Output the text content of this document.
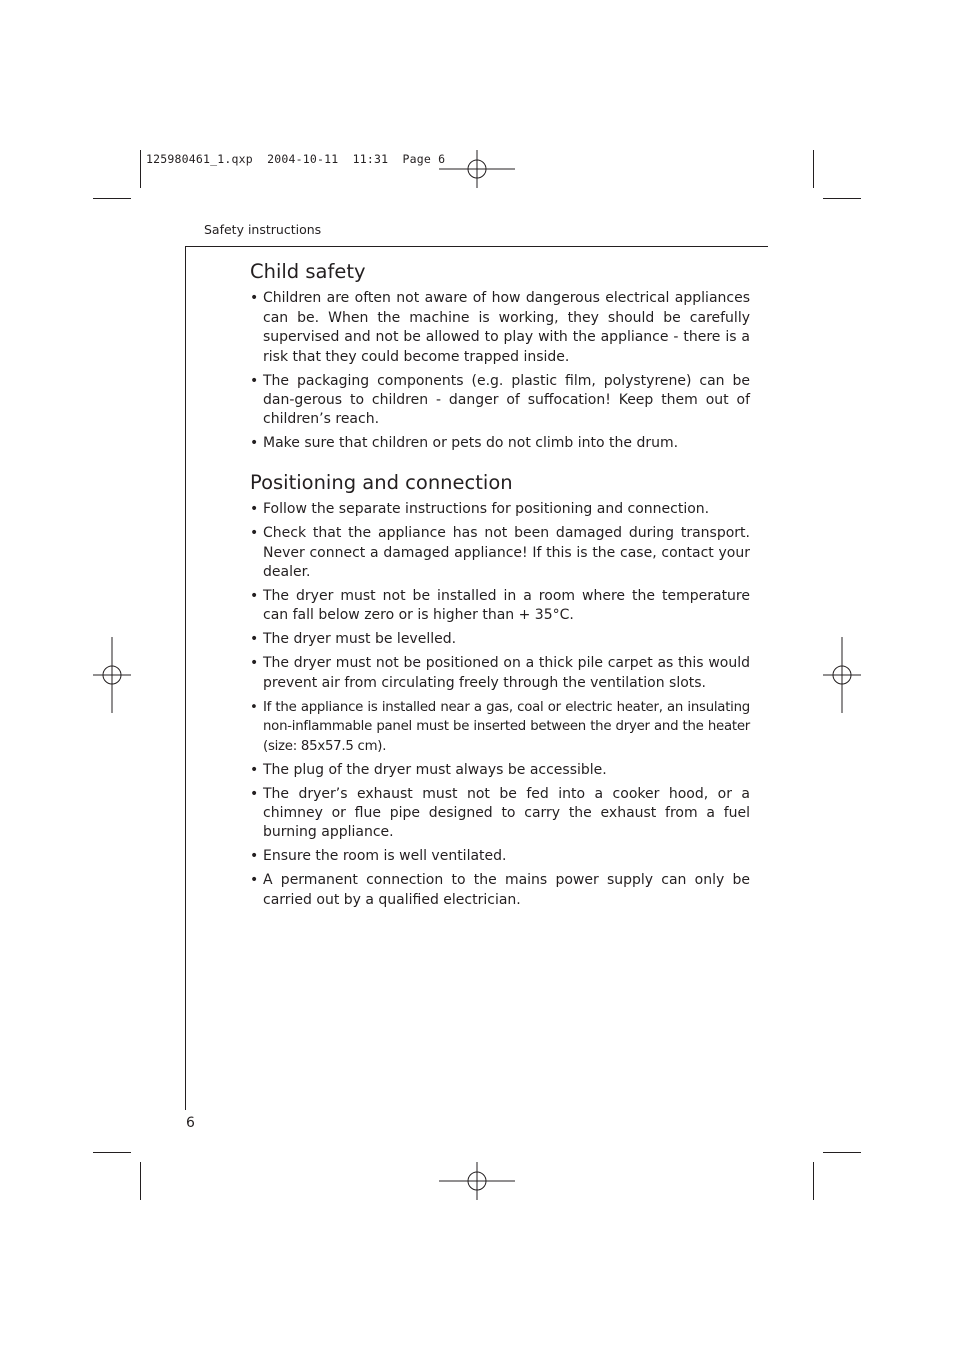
125980461_1.qxp  2004-10-11  11:31  Page 6
Safety instructions
Child safety
• Children are often not aware of how dangerous electrical appliances can be. When the machine is working, they should be carefully supervised and not be allowed to play with the appliance - there is a risk that they could become trapped inside.
• The packaging components (e.g. plastic film, polystyrene) can be dan-gerous to children - danger of suffocation! Keep them out of children’s reach.
• Make sure that children or pets do not climb into the drum.
Positioning and connection
• Follow the separate instructions for positioning and connection.
• Check that the appliance has not been damaged during transport. Never connect a damaged appliance! If this is the case, contact your dealer.
• The dryer must not be installed in a room where the temperature can fall below zero or is higher than + 35°C.
• The dryer must be levelled.
• The dryer must not be positioned on a thick pile carpet as this would prevent air from circulating freely through the ventilation slots.
• If the appliance is installed near a gas, coal or electric heater, an insulating non-inflammable panel must be inserted between the dryer and the heater (size: 85x57.5 cm).
• The plug of the dryer must always be accessible.
• The dryer’s exhaust must not be fed into a cooker hood, or a chimney or flue pipe designed to carry the exhaust from a fuel burning appliance.
• Ensure the room is well ventilated.
• A permanent connection to the mains power supply can only be carried out by a qualified electrician.
6
